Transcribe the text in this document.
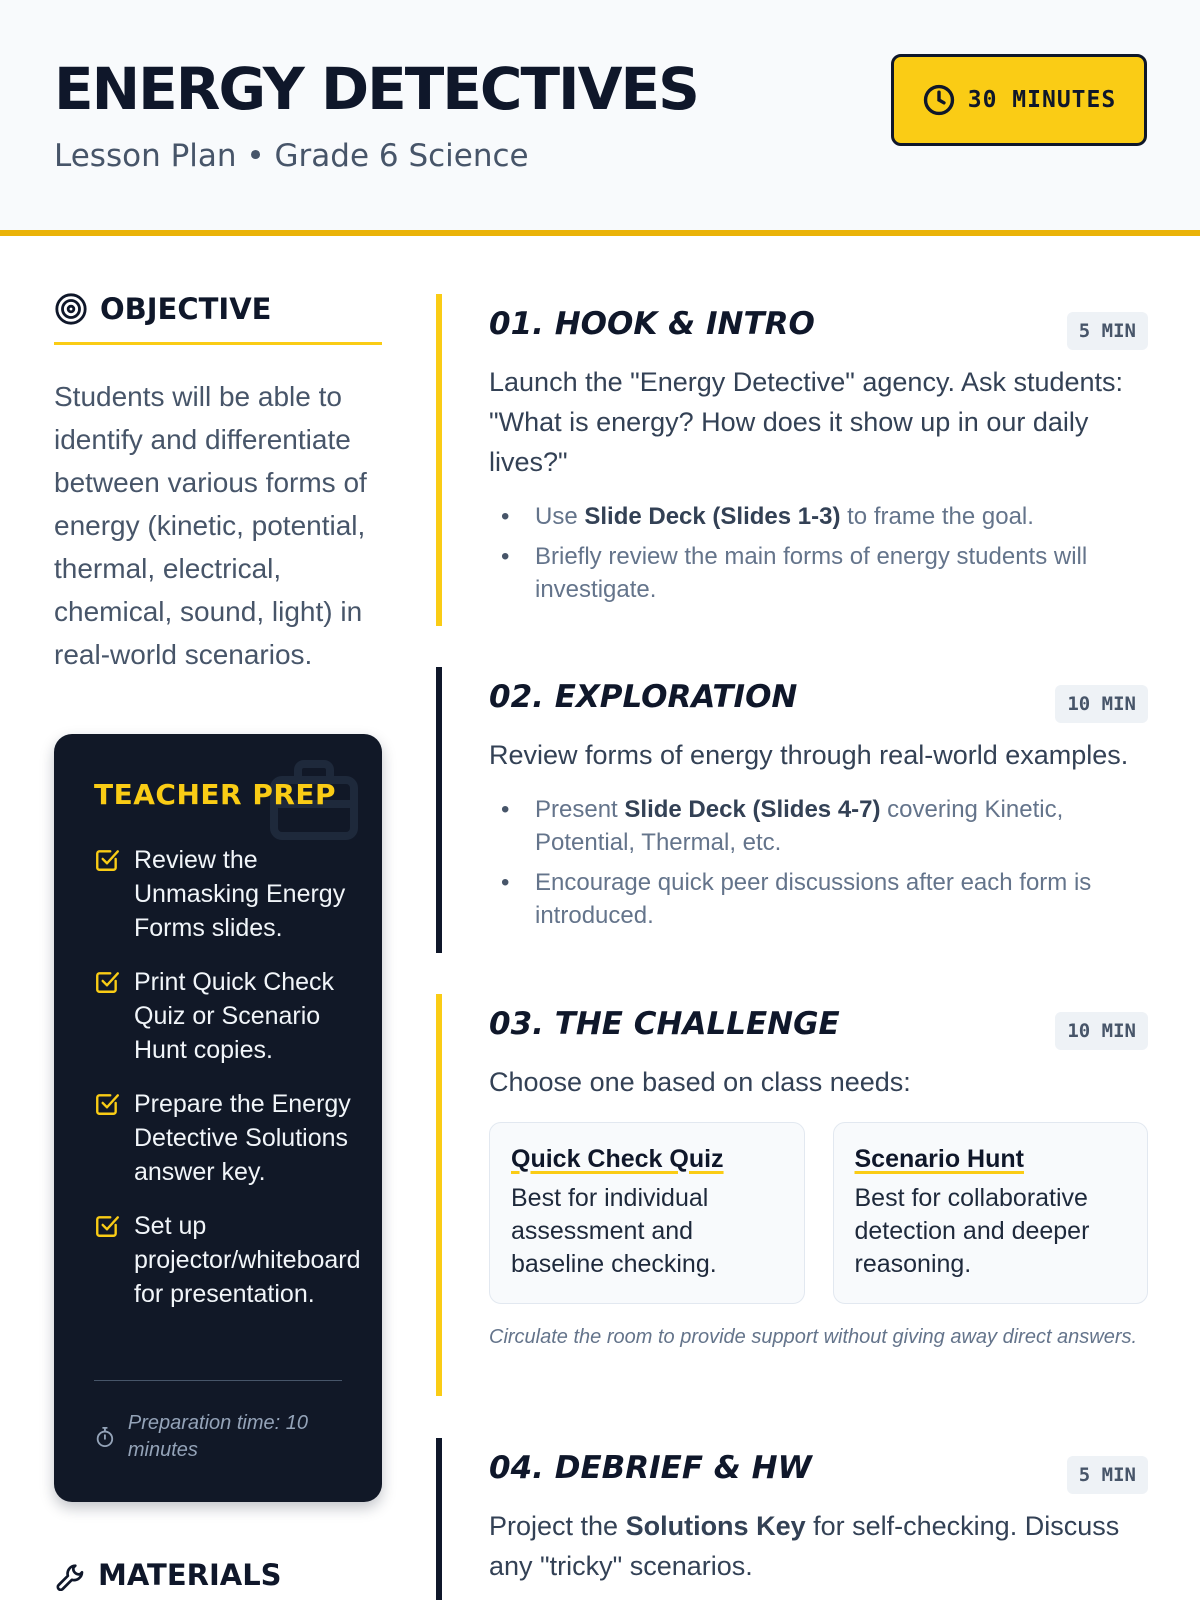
ENERGY DETECTIVES
Lesson Plan • Grade 6 Science
30 MINUTES
OBJECTIVE

Students will be able to identify and differentiate between various forms of energy (kinetic, potential, thermal, electrical, chemical, sound, light) in real-world scenarios.

TEACHER PREP
Review the Unmasking Energy Forms slides.
Print Quick Check Quiz or Scenario Hunt copies.
Prepare the Energy Detective Solutions answer key.
Set up projector/whiteboard for presentation.
Preparation time: 10 minutes
MATERIALS
01. HOOK & INTRO	5 MIN

Launch the "Energy Detective" agency. Ask students: "What is energy? How does it show up in our daily lives?"

• Use Slide Deck (Slides 1-3) to frame the goal.
• Briefly review the main forms of energy students will investigate.
02. EXPLORATION	10 MIN

Review forms of energy through real-world examples.

• Present Slide Deck (Slides 4-7) covering Kinetic, Potential, Thermal, etc.
• Encourage quick peer discussions after each form is introduced.
03. THE CHALLENGE	10 MIN

Choose one based on class needs:

Quick Check Quiz
Best for individual assessment and baseline checking.
Scenario Hunt
Best for collaborative detection and deeper reasoning.

Circulate the room to provide support without giving away direct answers.

04. DEBRIEF & HW	5 MIN

Project the Solutions Key for self-checking. Discuss any "tricky" scenarios.
